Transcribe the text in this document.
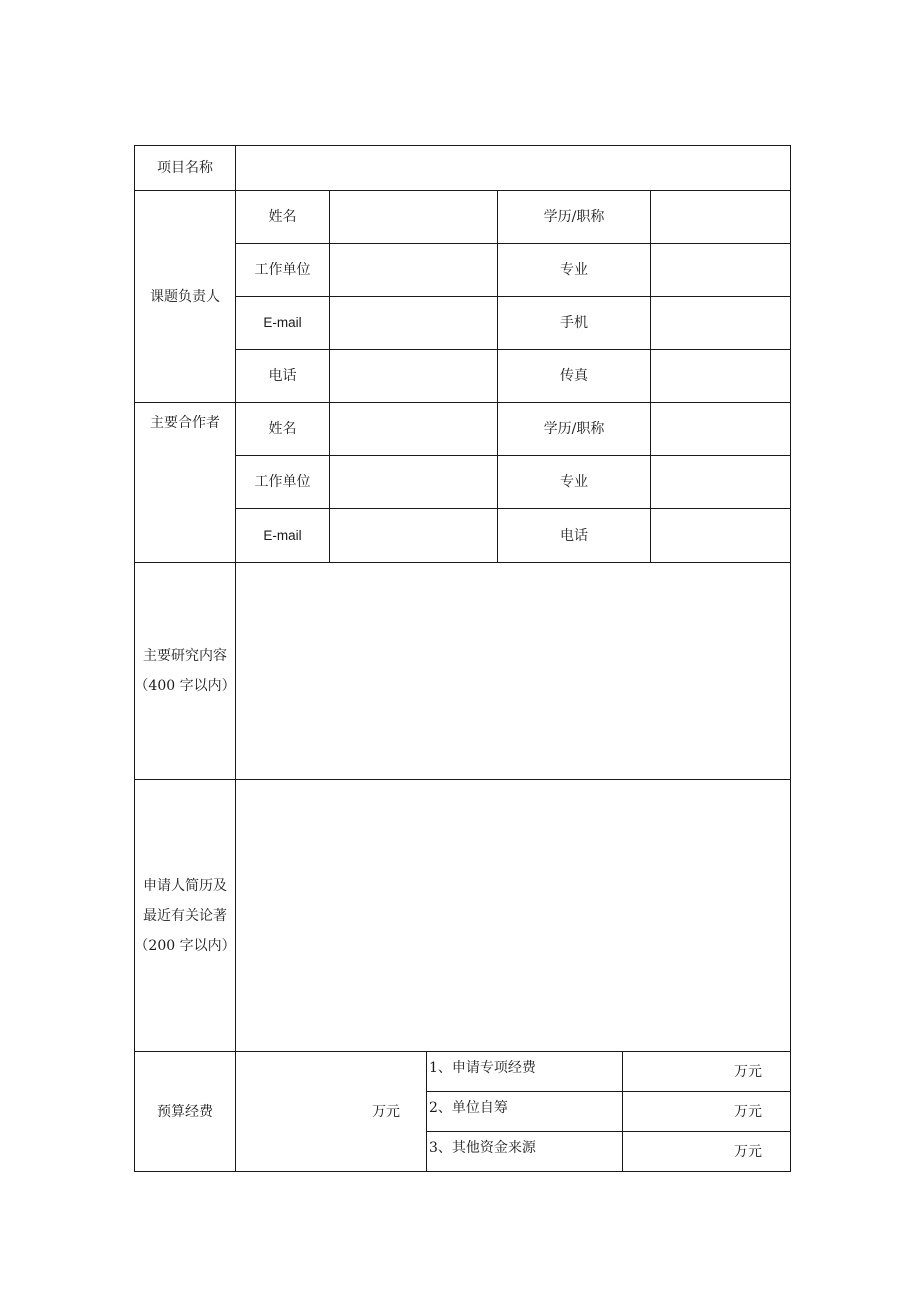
项目名称
课题负责人
姓名	学历/职称
工作单位	专业
E-mail	手机
电话	传真
主要合作者	姓名	学历/职称
工作单位	专业
E-mail	电话
主要研究内容
（400 字以内）
申请人简历及
最近有关论著
（200 字以内）
预算经费	万元
1、申请专项经费	万元
2、单位自筹	万元
3、其他资金来源	万元
